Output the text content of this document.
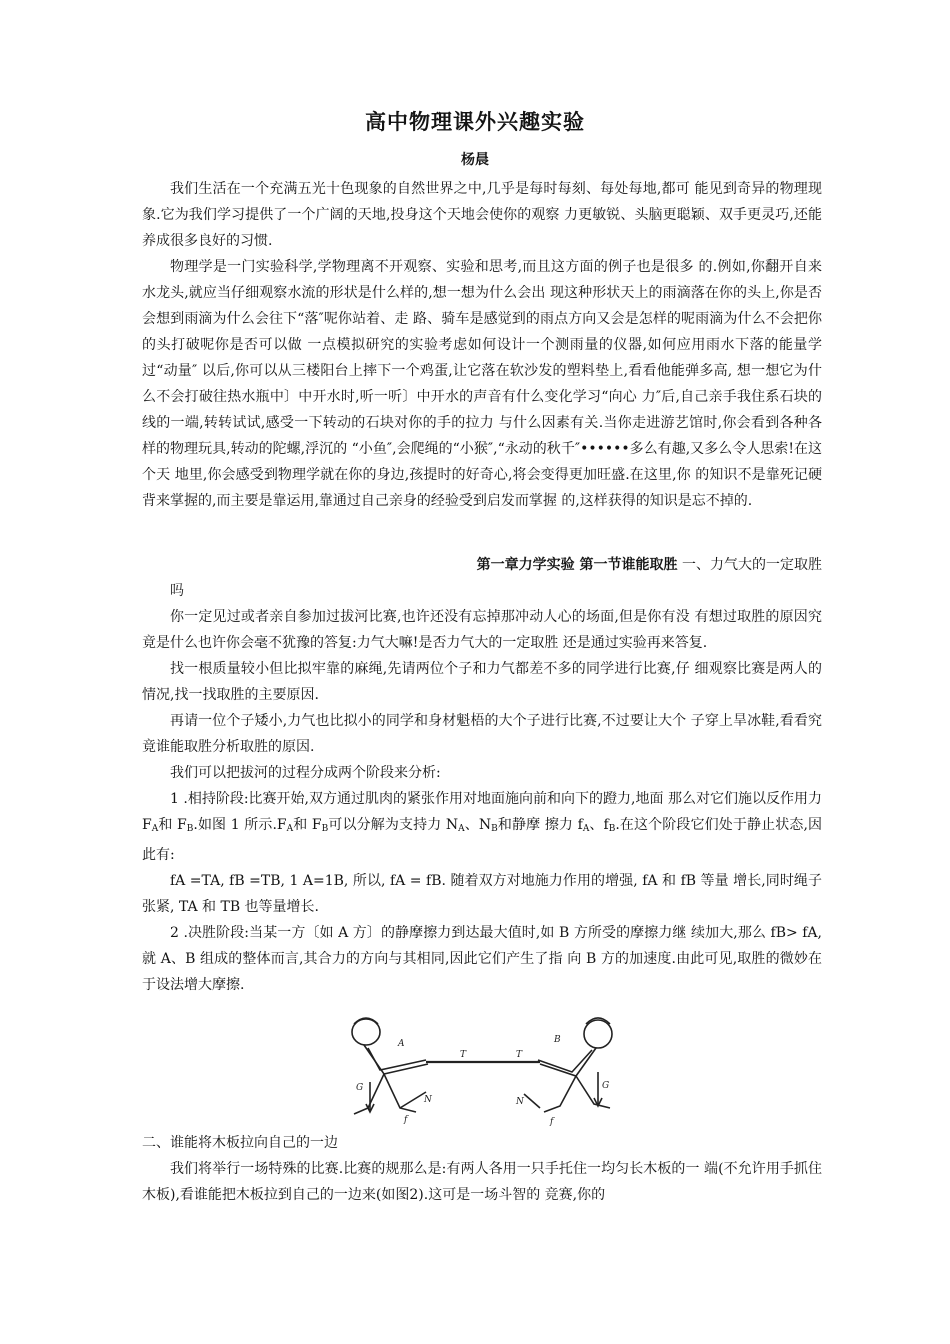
高中物理课外兴趣实验
杨晨

我们生活在一个充满五光十色现象的自然世界之中,几乎是每时每刻、每处每地,都可 能见到奇异的物理现象.它为我们学习提供了一个广阔的天地,投身这个天地会使你的观察 力更敏锐、头脑更聪颖、双手更灵巧,还能养成很多良好的习惯.

物理学是一门实验科学,学物理离不开观察、实验和思考,而且这方面的例子也是很多 的.例如,你翻开自来水龙头,就应当仔细观察水流的形状是什么样的,想一想为什么会出 现这种形状天上的雨滴落在你的头上,你是否会想到雨滴为什么会往下“落″呢你站着、走 路、骑车是感觉到的雨点方向又会是怎样的呢雨滴为什么不会把你的头打破呢你是否可以做 一点模拟研究的实验考虑如何设计一个测雨量的仪器,如何应用雨水下落的能量学过“动量″ 以后,你可以从三楼阳台上摔下一个鸡蛋,让它落在软沙发的塑料垫上,看看他能弹多高, 想一想它为什么不会打破往热水瓶中〕中开水时,听一听〕中开水的声音有什么变化学习“向心 力″后,自己亲手我住系石块的线的一端,转转试试,感受一下转动的石块对你的手的拉力 与什么因素有关.当你走进游艺馆时,你会看到各种各样的物理玩具,转动的陀螺,浮沉的 “小鱼″,会爬绳的“小猴″,“永动的秋千″••••••多么有趣,又多么令人思索!在这个天 地里,你会感受到物理学就在你的身边,孩提时的好奇心,将会变得更加旺盛.在这里,你 的知识不是靠死记硬背来掌握的,而主要是靠运用,靠通过自己亲身的经验受到启发而掌握 的,这样获得的知识是忘不掉的.

第一章力学实验 第一节谁能取胜 一、力气大的一定取胜

吗

你一定见过或者亲自参加过拔河比赛,也许还没有忘掉那冲动人心的场面,但是你有没 有想过取胜的原因究竟是什么也许你会毫不犹豫的答复:力气大嘛!是否力气大的一定取胜 还是通过实验再来答复.

找一根质量较小但比拟牢靠的麻绳,先请两位个子和力气都差不多的同学进行比赛,仔 细观察比赛是两人的情况,找一找取胜的主要原因.

再请一位个子矮小,力气也比拟小的同学和身材魁梧的大个子进行比赛,不过要让大个 子穿上旱冰鞋,看看究竟谁能取胜分析取胜的原因.

我们可以把拔河的过程分成两个阶段来分析:

1 .相持阶段:比赛开始,双方通过肌肉的紧张作用对地面施向前和向下的蹬力,地面 那么对它们施以反作用力 $F_A$和 $F_B$.如图 1 所示$.F_A$和 $F_B$可以分解为支持力 $N_A$、$N_B$和静摩 擦力 $f_A$、$f_B$.在这个阶段它们处于静止状态,因此有:

fA =TA, fB =TB, 1 A=1B, 所以, fA = fB. 随着双方对地施力作用的增强, fA 和 fB 等量 增长,同时绳子张紧, TA 和 TB 也等量增长.

2 .决胜阶段:当某一方〔如 A 方〕的静摩擦力到达最大值时,如 B 方所受的摩擦力继 续加大,那么 fB> fA,就 A、B 组成的整体而言,其合力的方向与其相同,因此它们产生了指 向 B 方的加速度.由此可见,取胜的微妙在于设法增大摩擦.

A
T	T
B
G	G
N	N
f	f

二、谁能将木板拉向自己的一边

我们将举行一场特殊的比赛.比赛的规那么是:有两人各用一只手托住一均匀长木板的一 端(不允许用手抓住木板),看谁能把木板拉到自己的一边来(如图2).这可是一场斗智的 竞赛,你的
